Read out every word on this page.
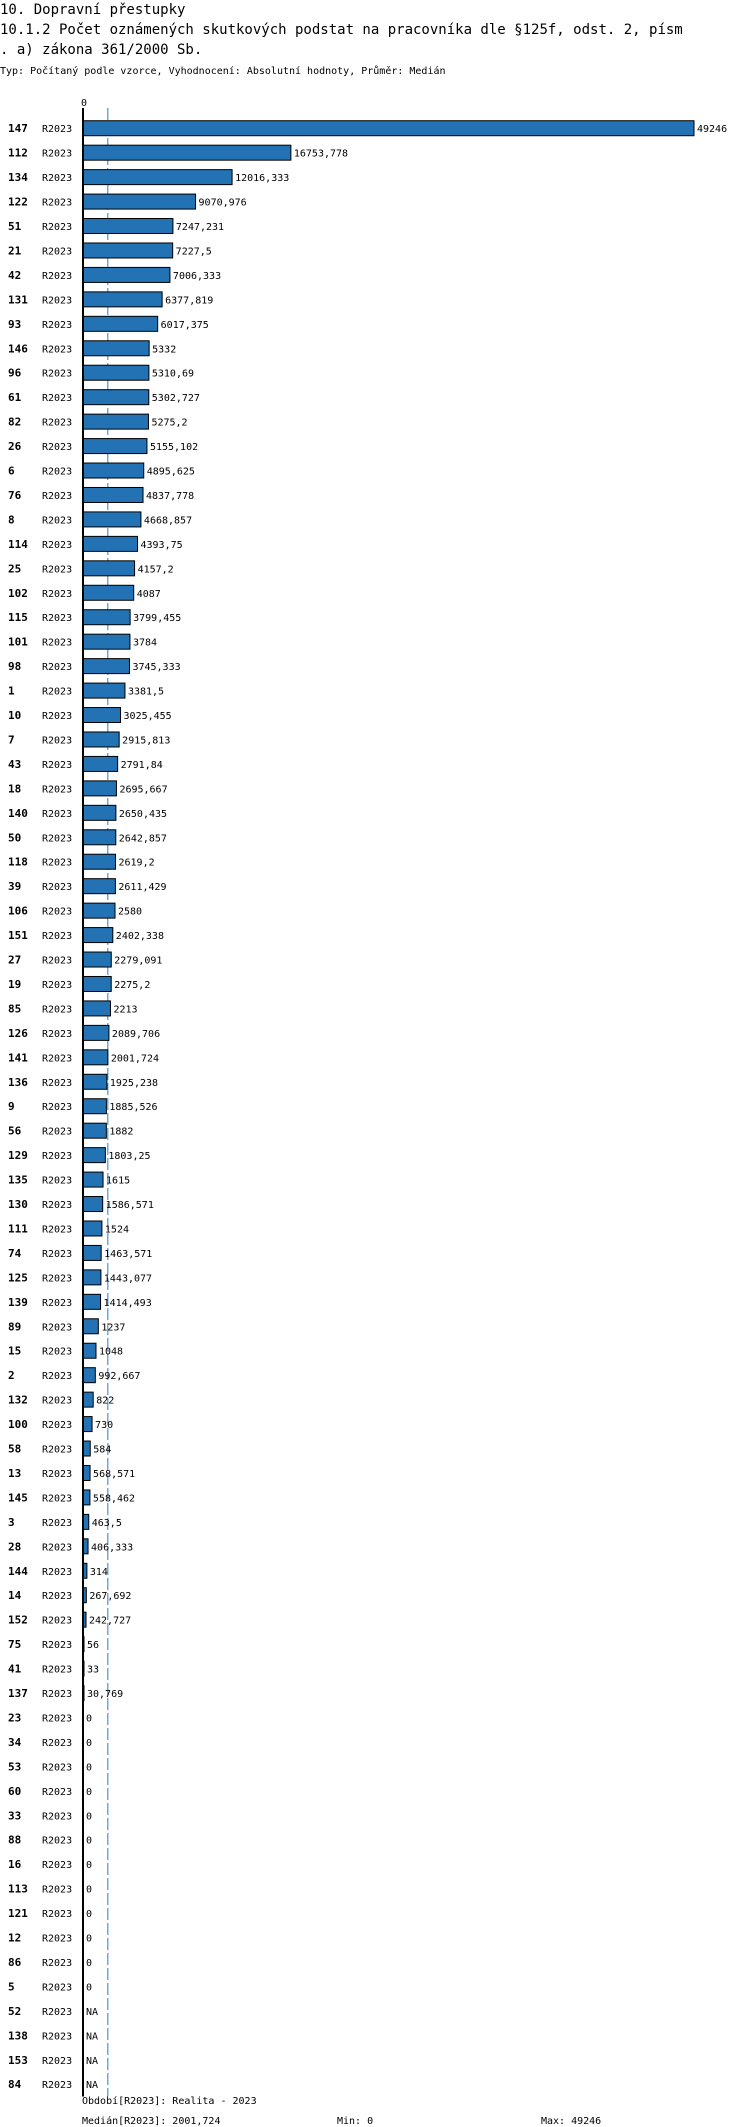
10. Dopravní přestupky
10.1.2 Počet oznámených skutkových podstat na pracovníka dle §125f, odst. 2, písm
. a) zákona 361/2000 Sb.
Typ: Počítaný podle vzorce, Vyhodnocení: Absolutní hodnoty, Průměr: Medián
0
147 R2023	49246
112 R2023	16753,778
134 R2023	12016,333
122 R2023	9070,976
51 R2023	7247,231
21 R2023	7227,5
42 R2023	7006,333
131 R2023	6377,819
93 R2023	6017,375
146 R2023	5332
96 R2023	5310,69
61 R2023	5302,727
82 R2023	5275,2
26 R2023	5155,102
6	R2023	4895,625
76 R2023	4837,778
8	R2023	4668,857
114 R2023	4393,75
25 R2023	4157,2
102 R2023	4087
115 R2023	3799,455
101 R2023	3784
98 R2023	3745,333
1	R2023	3381,5
10 R2023	3025,455
7	R2023	2915,813
43 R2023	2791,84
18 R2023	2695,667
140 R2023	2650,435
50 R2023	2642,857
118 R2023	2619,2
39 R2023	2611,429
106 R2023	2580
151 R2023	2402,338
27 R2023	2279,091
19 R2023	2275,2
85 R2023	2213
126 R2023	2089,706
141 R2023	2001,724
136 R2023	1925,238
9	R2023	1885,526
56 R2023	1882
129 R2023	1803,25
135 R2023	1615
130 R2023	1586,571
111 R2023	1524
74 R2023	1463,571
125 R2023	1443,077
139 R2023	1414,493
89 R2023	1237
15 R2023	1048
2	R2023	992,667
132 R2023 822
100 R2023 730
58 R2023 584
13 R2023 568,571
145 R2023 558,462
3	R2023 463,5
28 R2023 406,333
144 R2023 314
14 R2023 267,692
152 R2023 242,727
75 R2023 56
41 R2023 33
137 R2023 30,769
23 R2023 0
34 R2023 0
53 R2023 0
60 R2023 0
33 R2023 0
88 R2023 0
16 R2023 0
113 R2023 0
121 R2023 0
12 R2023 0
86 R2023 0
5	R2023 0
52 R2023 NA
138 R2023 NA
153 R2023 NA
84 R2023 NA
Období[R2023]: Realita - 2023
Medián[R2023]: 2001,724	Min: 0	Max: 49246
